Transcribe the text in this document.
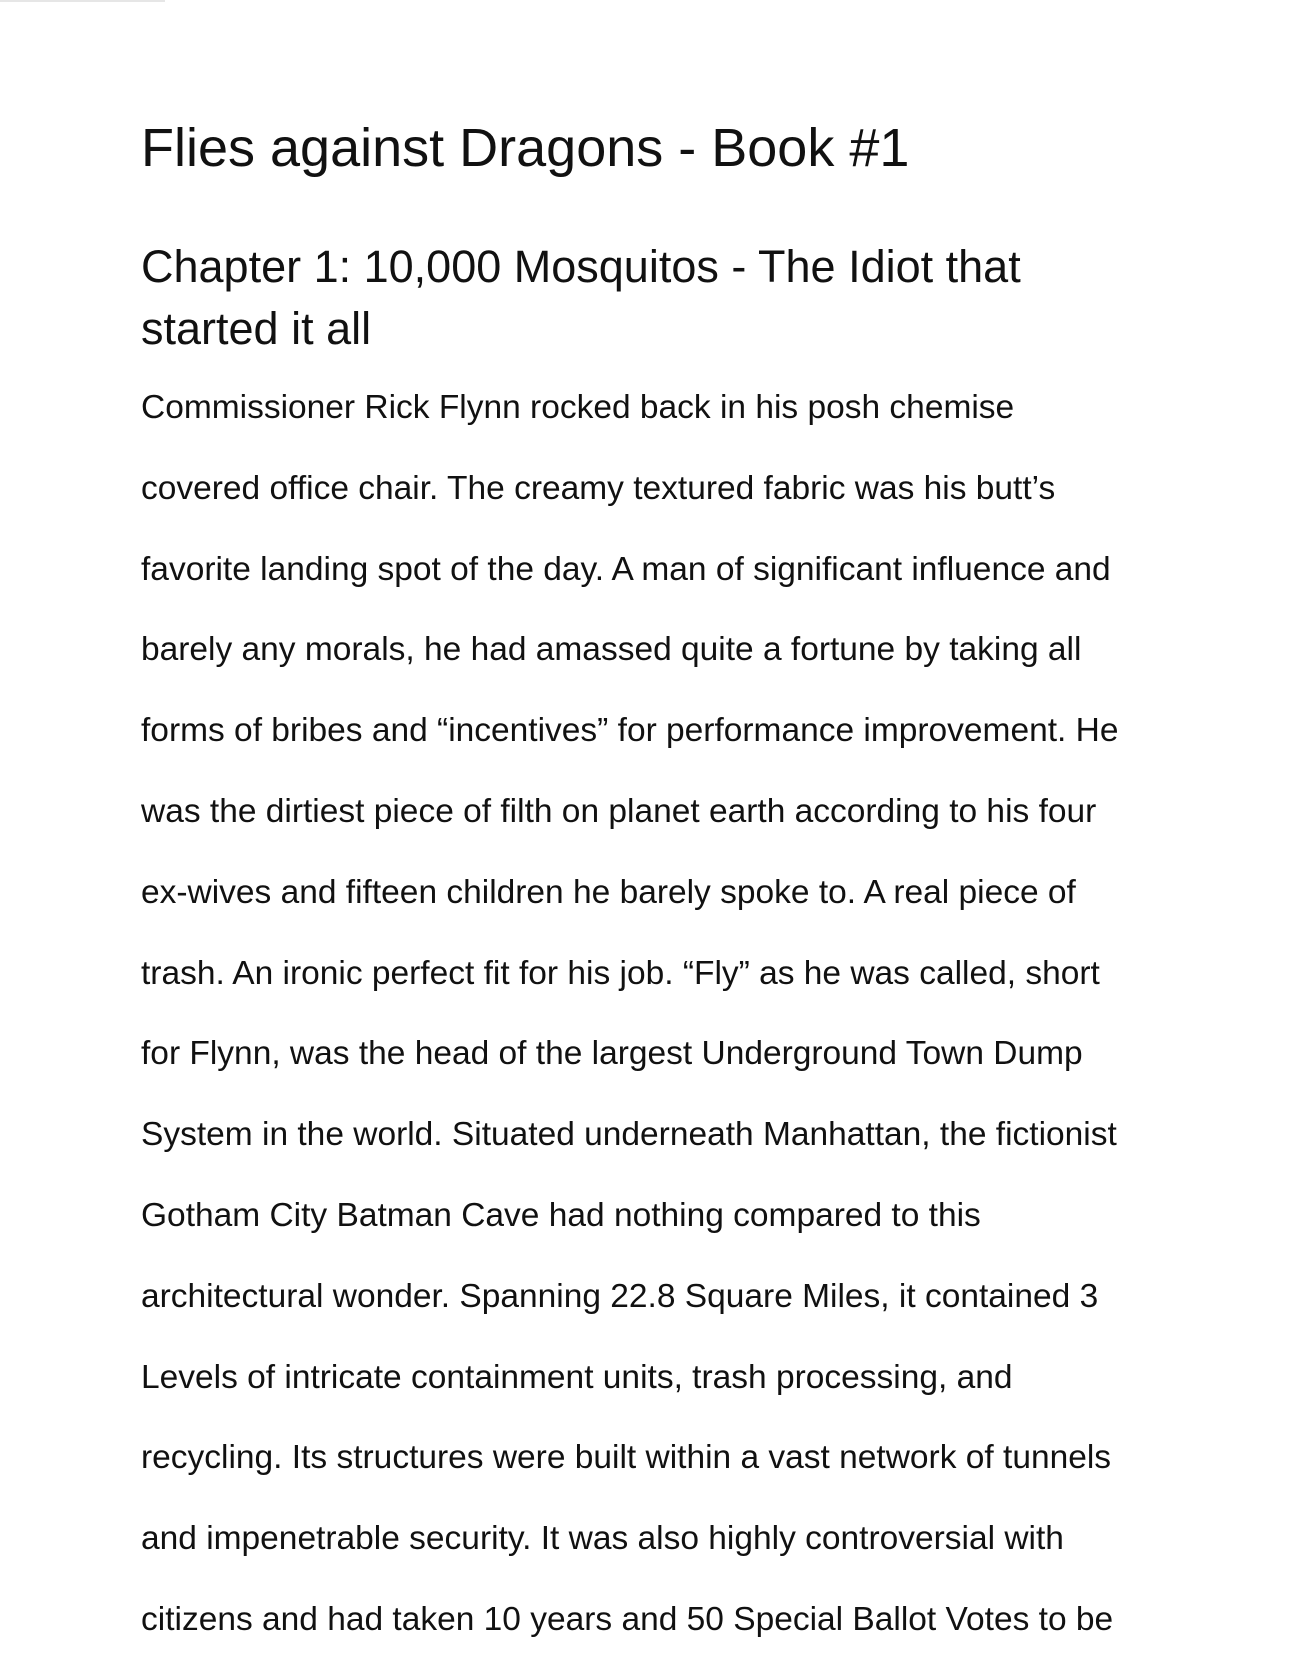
Flies against Dragons - Book #1
Chapter 1: 10,000 Mosquitos - The Idiot that
started it all
Commissioner Rick Flynn rocked back in his posh chemise
covered office chair. The creamy textured fabric was his butt’s
favorite landing spot of the day. A man of significant influence and
barely any morals, he had amassed quite a fortune by taking all
forms of bribes and “incentives” for performance improvement. He
was the dirtiest piece of filth on planet earth according to his four
ex-wives and fifteen children he barely spoke to. A real piece of
trash. An ironic perfect fit for his job. “Fly” as he was called, short
for Flynn, was the head of the largest Underground Town Dump
System in the world. Situated underneath Manhattan, the fictionist
Gotham City Batman Cave had nothing compared to this
architectural wonder. Spanning 22.8 Square Miles, it contained 3
Levels of intricate containment units, trash processing, and
recycling. Its structures were built within a vast network of tunnels
and impenetrable security. It was also highly controversial with
citizens and had taken 10 years and 50 Special Ballot Votes to be
